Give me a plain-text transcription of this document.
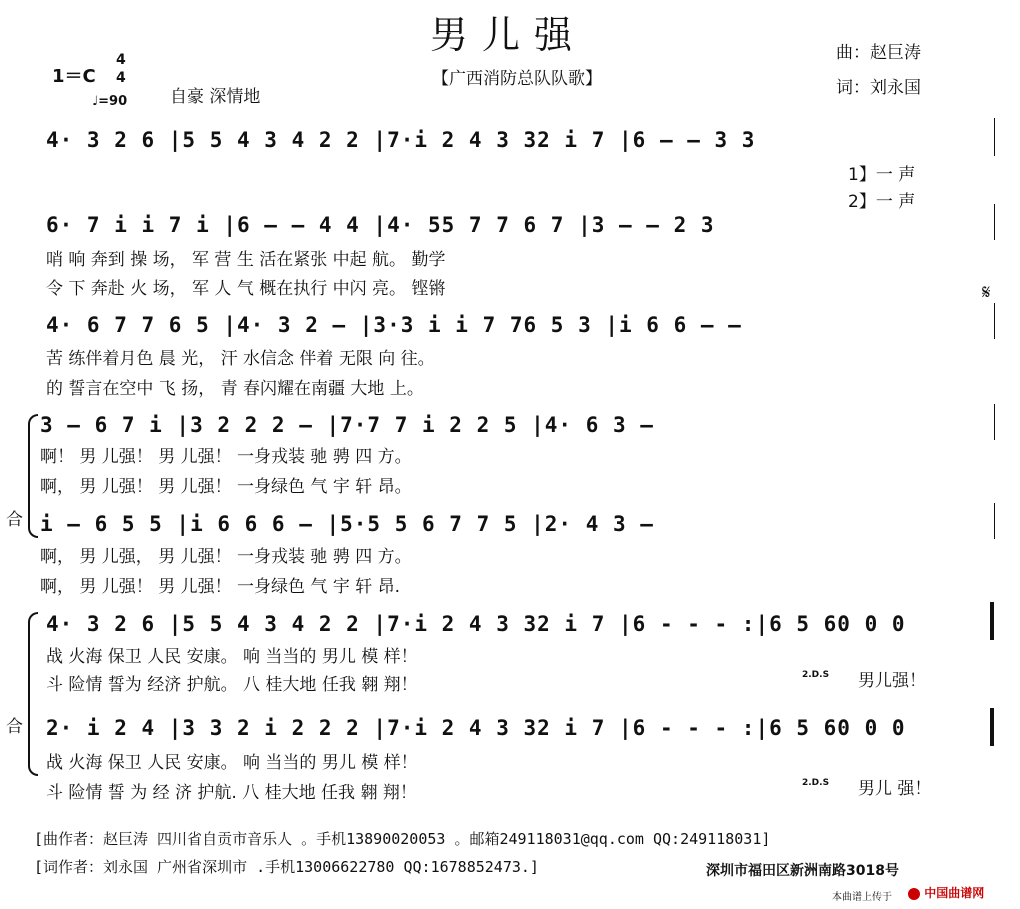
男儿强
【广西消防总队队歌】
曲：赵巨涛
词：刘永国
1＝C
4
4
♩=90	自豪 深情地
4· 3 2 6 |5 5 4 3 4 2 2 |7·i 2 4 3 32 i 7 |6 — — 3 3
1】一 声
2】一 声
6· 7 i i 7 i |6 — — 4 4 |4· 55 7 7 6 7 |3 — — 2 3
哨 响 奔到 操 场， 军 营 生 活在紧张 中起 航。 勤学
令 下 奔赴 火 场， 军 人 气 概在执行 中闪 亮。 铿锵	𝄋
4· 6 7 7 6 5 |4· 3 2 — |3·3 i i 7 76 5 3 |i 6 6 — —
苦 练伴着月色 晨 光， 汗 水信念 伴着 无限 向 往。
的 誓言在空中 飞 扬， 青 春闪耀在南疆 大地 上。
合
3 — 6 7 i |3 2 2 2 — |7·7 7 i 2 2 5 |4· 6 3 —
啊！ 男 儿强！ 男 儿强！ 一身戎装 驰 骋 四 方。
啊， 男 儿强！ 男 儿强！ 一身绿色 气 宇 轩 昂。
i — 6 5 5 |i 6 6 6 — |5·5 5 6 7 7 5 |2· 4 3 —
啊， 男 儿强， 男 儿强！ 一身戎装 驰 骋 四 方。
啊， 男 儿强！ 男 儿强！ 一身绿色 气 宇 轩 昂.
合
4· 3 2 6 |5 5 4 3 4 2 2 |7·i 2 4 3 32 i 7 |6 - - - :|6 5 60 0 0
战 火海 保卫 人民 安康。 响 当当的 男儿 模 样！
斗 险情 誓为 经济 护航。 八 桂大地 任我 翱 翔！	2.D.S 男儿强！
2· i 2 4 |3 3 2 i 2 2 2 |7·i 2 4 3 32 i 7 |6 - - - :|6 5 60 0 0
战 火海 保卫 人民 安康。 响 当当的 男儿 模 样！
斗 险情 誓 为 经 济 护航. 八 桂大地 任我 翱 翔！	2.D.S 男儿 强！
[曲作者：赵巨涛 四川省自贡市音乐人 。手机13890020053 。邮箱249118031@qq.com QQ:249118031]
[词作者：刘永国 广州省深圳市 .手机13006622780 QQ:1678852473.]	深圳市福田区新洲南路3018号
本曲谱上传于	中国曲谱网
